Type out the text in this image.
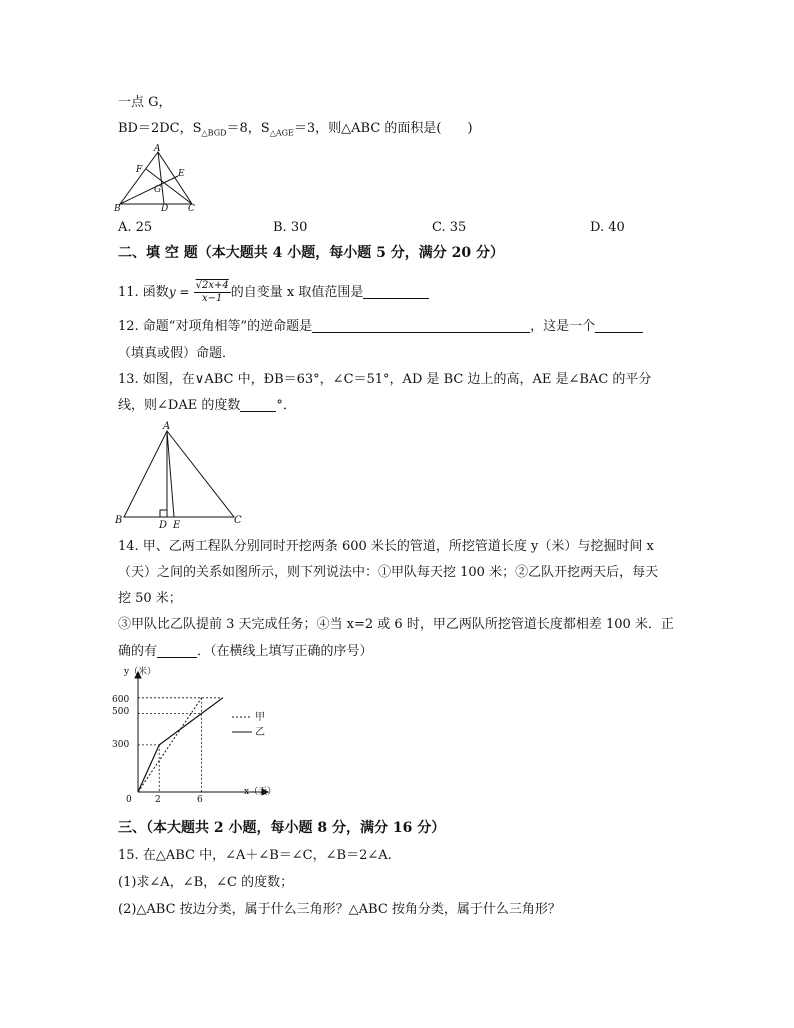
一点 G，
BD＝2DC，$S_{\triangle BGD}=8$，$S_{\triangle AGE}=3$，则△ABC 的面积是(　　)
A
B	C
D
E
F
G
A. 25	B. 30	C. 35	D. 40
二、填 空 题（本大题共 4 小题，每小题 5 分，满分 20 分）
11. 函数$y = \frac{√2x+4}{x-1}$ 的自变量 x 取值范围是
12. 命题“对项角相等”的逆命题是	，这是一个
（填真或假）命题．
13. 如图，在∨ABC 中，ÐB＝63°，∠C＝51°，AD 是 BC 边上的高，AE 是∠BAC 的平分
线，则∠DAE 的度数	°．
A
B	C
D E
14. 甲、乙两工程队分别同时开挖两条 600 米长的管道，所挖管道长度 y（米）与挖掘时间 x
（天）之间的关系如图所示，则下列说法中：①甲队每天挖 100 米；②乙队开挖两天后，每天
挖 50 米；
③甲队比乙队提前 3 天完成任务；④当 x=2 或 6 时，甲乙两队所挖管道长度都相差 100 米．正
确的有	．（在横线上填写正确的序号）
y（米）
x（天）
600
500
300
0	2	6
甲
乙
三、（本大题共 2 小题，每小题 8 分，满分 16 分）
15. 在△ABC 中，∠A＋∠B＝∠C，∠B＝2∠A.
(1)求∠A，∠B，∠C 的度数；
(2)△ABC 按边分类，属于什么三角形？△ABC 按角分类，属于什么三角形？
